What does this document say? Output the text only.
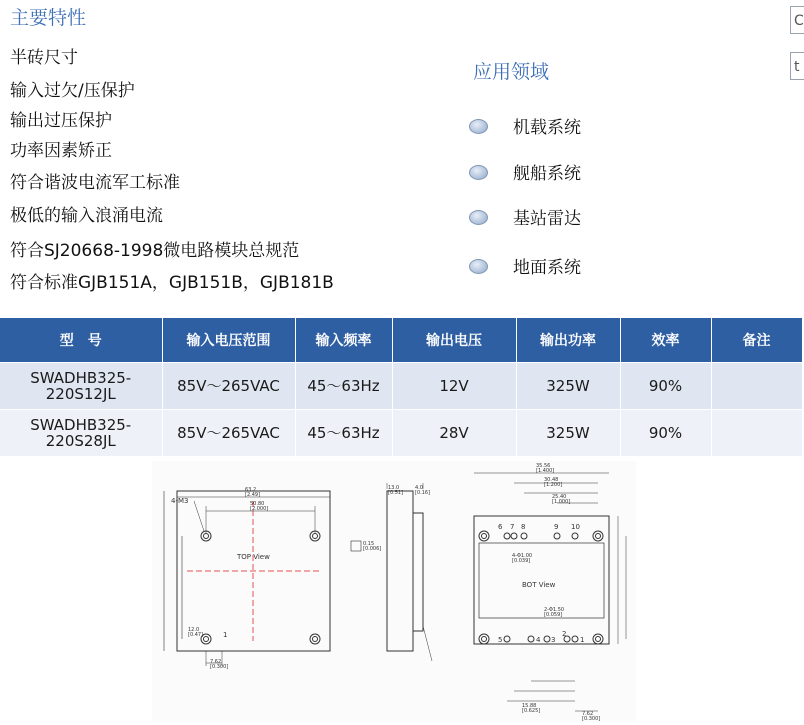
主要特性
半砖尺寸
输入过欠/压保护
输出过压保护
功率因素矫正
符合谐波电流军工标准
极低的输入浪涌电流
符合SJ20668-1998微电路模块总规范
符合标准GJB151A，GJB151B，GJB181B
应用领域
机载系统
舰船系统
基站雷达
地面系统
C
t
型　号	输入电压范围	输入频率	输出电压	输出功率	效率	备注

SWADHB325-
220S12JL	85V～265VAC	45～63Hz	12V	325W	90%	

SWADHB325-
220S28JL	85V～265VAC	45～63Hz	28V	325W	90%	
TOP View
4-M3
1
63.2
[2.49]
50.80
[2.000]
7.62
[0.300]
12.0
[0.47]
13.0
[0.51]
4.0
[0.16]
0.15
[0.006]
BOT View
6 7 8	9 10
5	4 3
2
1
35.56
[1.400]
30.48
[1.200]
25.40
[1.000]
15.88
[0.625]
4-Φ1.00
[0.039]
2-Φ1.50
[0.059]
7.62
[0.300]
